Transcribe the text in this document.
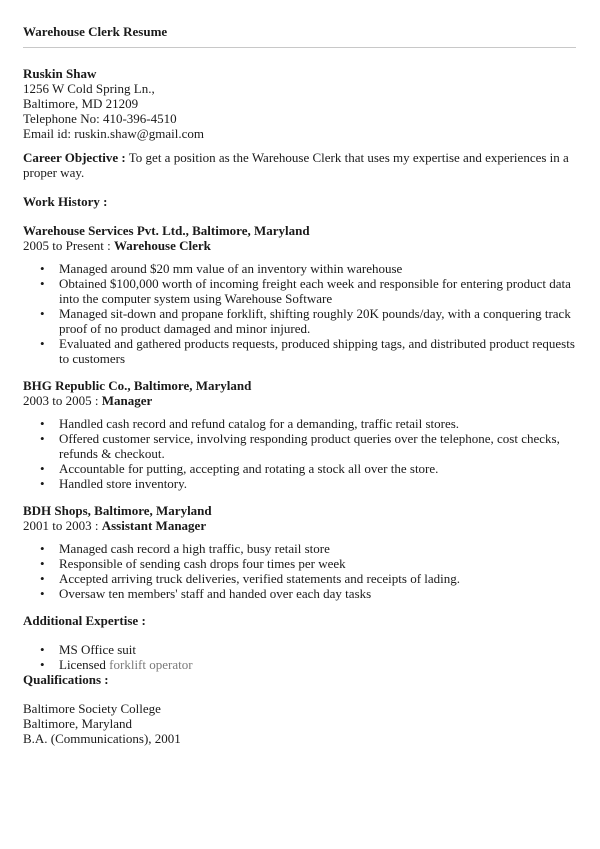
Warehouse Clerk Resume
Ruskin Shaw
1256 W Cold Spring Ln.,
Baltimore, MD 21209
Telephone No: 410-396-4510
Email id: ruskin.shaw@gmail.com
Career Objective : To get a position as the Warehouse Clerk that uses my expertise and experiences in a proper way.
Work History :
Warehouse Services Pvt. Ltd., Baltimore, Maryland
2005 to Present : Warehouse Clerk
• Managed around $20 mm value of an inventory within warehouse
• Obtained $100,000 worth of incoming freight each week and responsible for entering product data into the computer system using Warehouse Software
• Managed sit-down and propane forklift, shifting roughly 20K pounds/day, with a conquering track proof of no product damaged and minor injured.
• Evaluated and gathered products requests, produced shipping tags, and distributed product requests to customers
BHG Republic Co., Baltimore, Maryland
2003 to 2005 : Manager
• Handled cash record and refund catalog for a demanding, traffic retail stores.
• Offered customer service, involving responding product queries over the telephone, cost checks, refunds & checkout.
• Accountable for putting, accepting and rotating a stock all over the store.
• Handled store inventory.
BDH Shops, Baltimore, Maryland
2001 to 2003 : Assistant Manager
• Managed cash record a high traffic, busy retail store
• Responsible of sending cash drops four times per week
• Accepted arriving truck deliveries, verified statements and receipts of lading.
• Oversaw ten members' staff and handed over each day tasks
Additional Expertise :
• MS Office suit
• Licensed forklift operator
Qualifications :
Baltimore Society College
Baltimore, Maryland
B.A. (Communications), 2001
